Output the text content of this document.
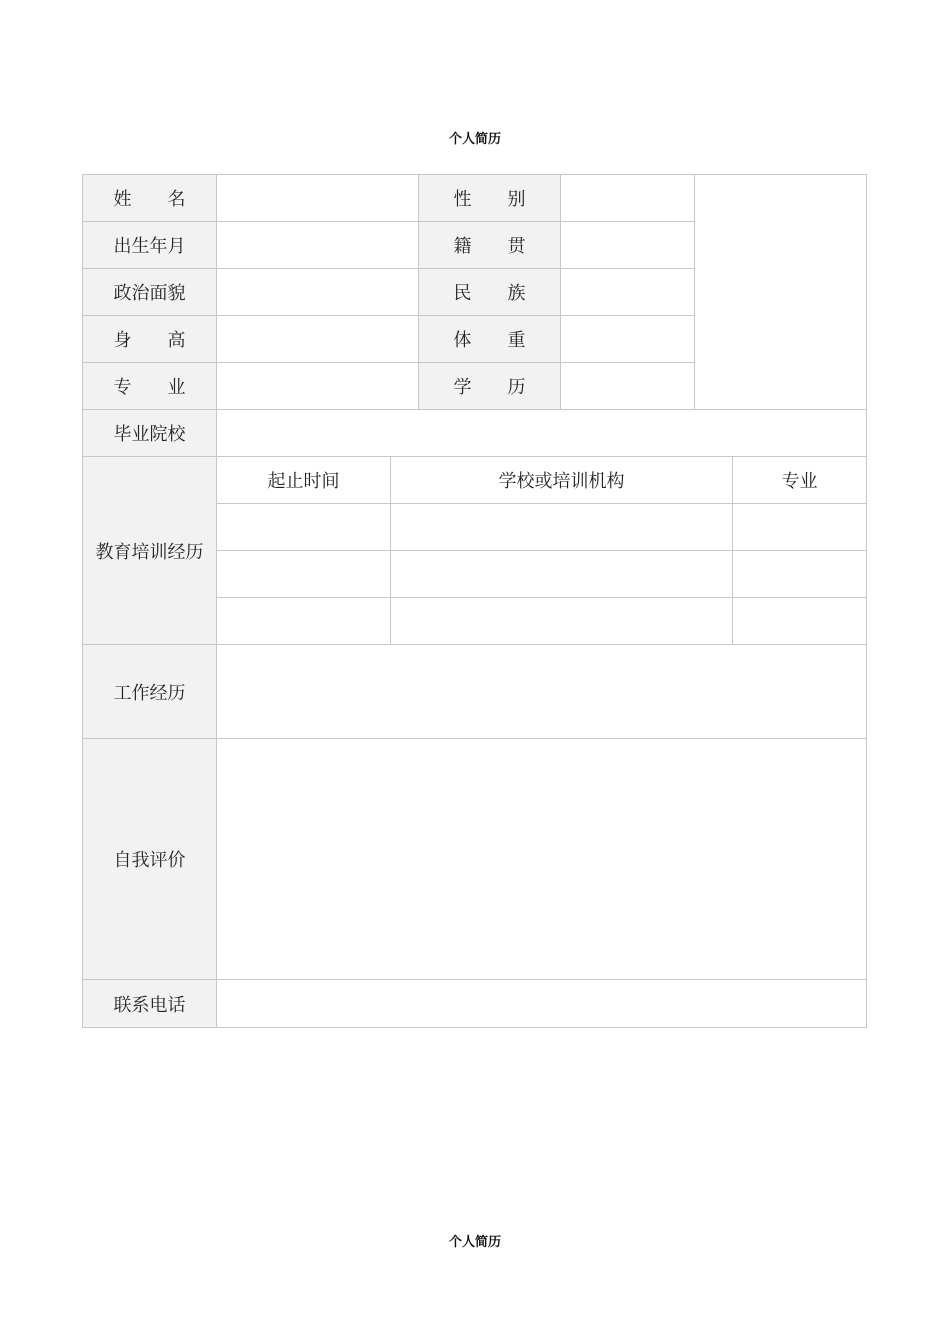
个人简历
姓 名			性 别			
出生年月			籍 贯			
政治面貌			民 族			
身 高			体 重			
专 业			学 历			
毕业院校						
教育培训经历	起止时间	学校或培训机构				专业

工作经历						
自我评价						
联系电话						
个人简历
